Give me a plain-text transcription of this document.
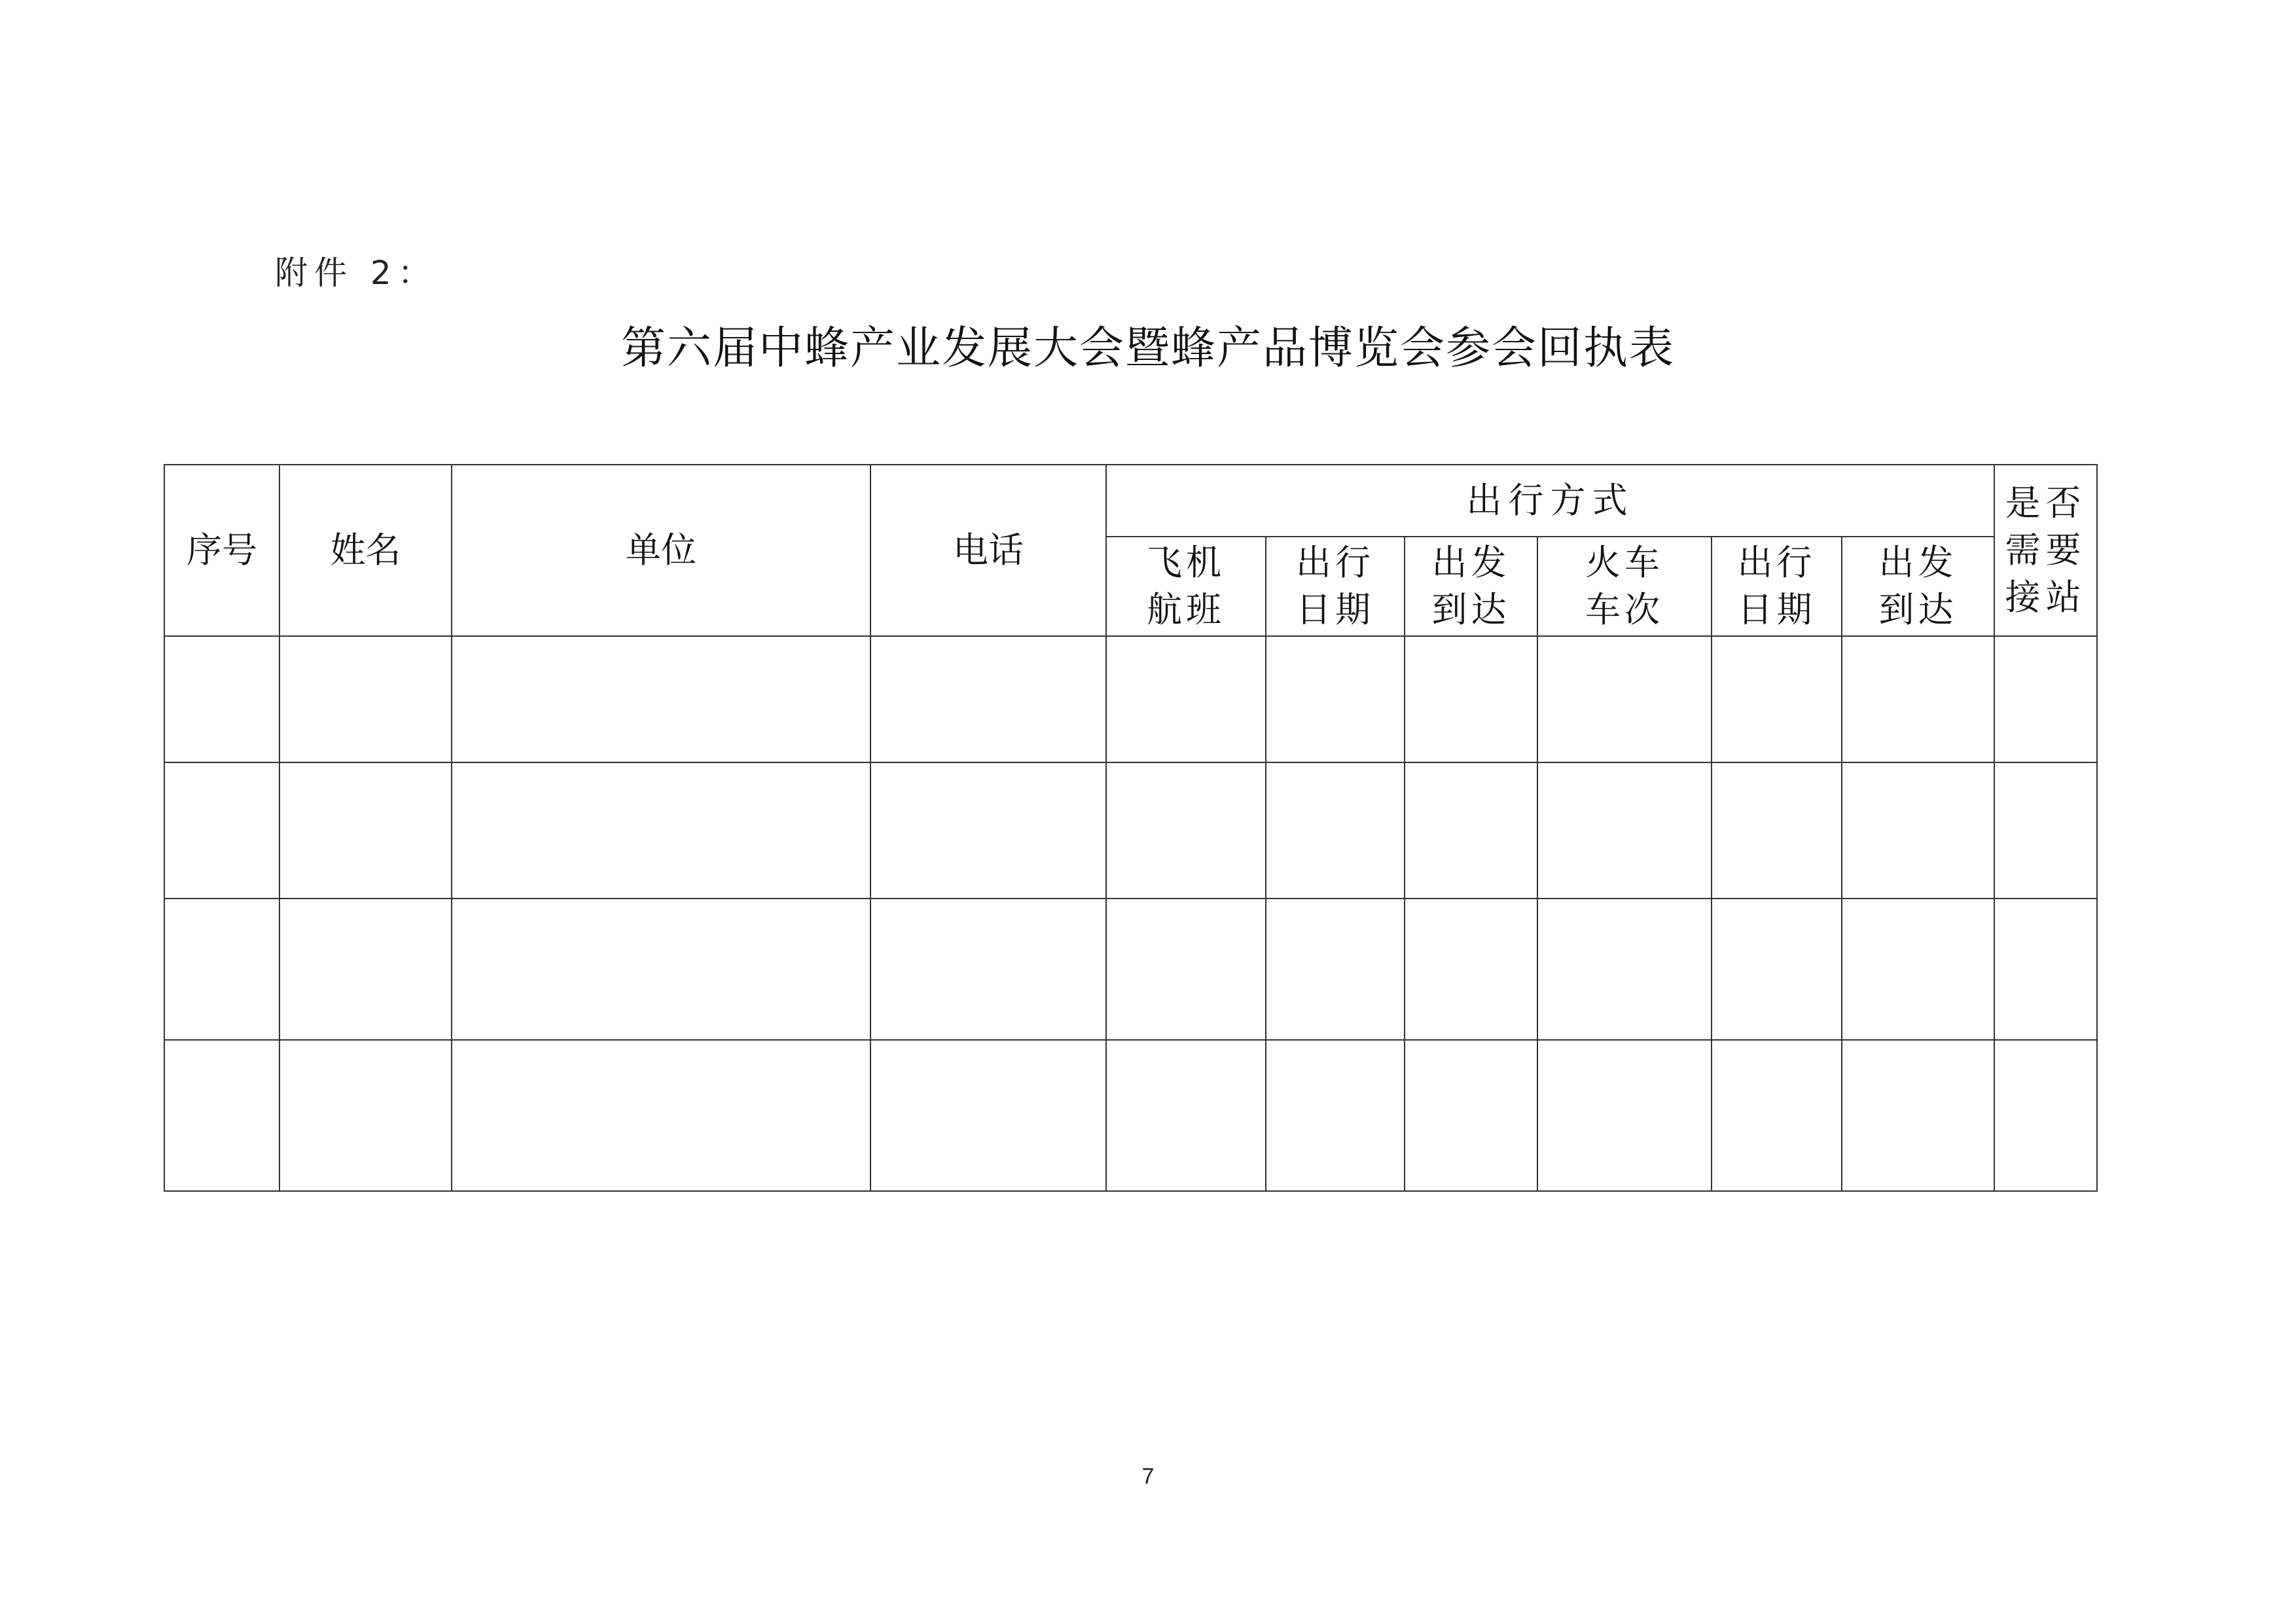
附件 2：
第六届中蜂产业发展大会暨蜂产品博览会参会回执表
序号	姓名	单位	电话	出行方式						是否需要接站
				飞机航班	出行日期	出发到达	火车车次	出行日期	出发到达	

7
